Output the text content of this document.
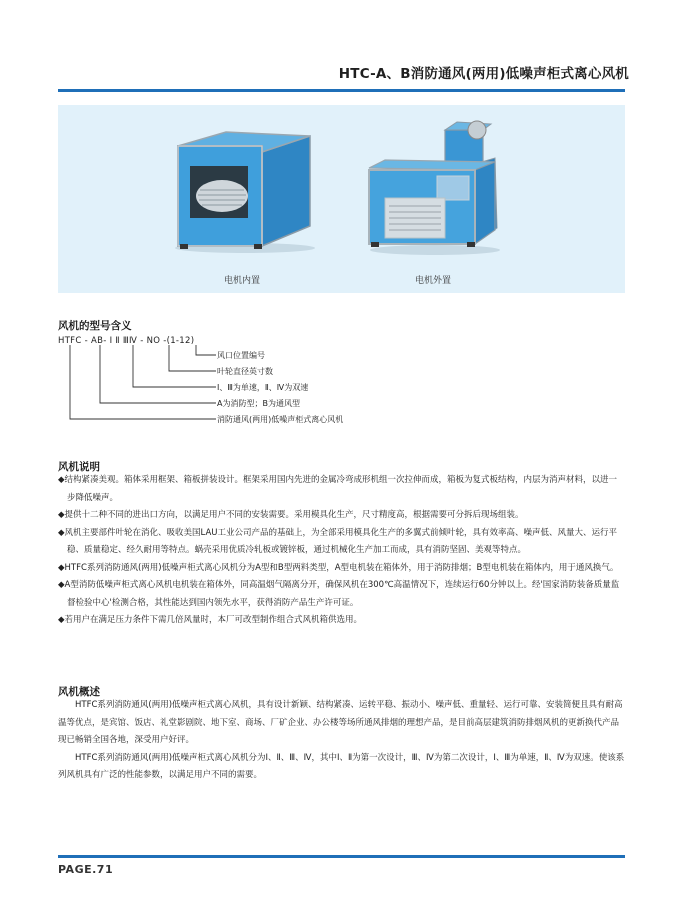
HTC-A、B消防通风(两用)低噪声柜式离心风机
电机内置	电机外置
风机的型号含义
HTFC - AB- Ⅰ Ⅱ ⅢⅣ - NO -(1-12)
风口位置编号
叶轮直径英寸数
Ⅰ、Ⅲ为单速，Ⅱ、Ⅳ为双速
A为消防型；B为通风型
消防通风(两用)低噪声柜式离心风机
风机说明
◆结构紧凑美观。箱体采用框架、箱板拼装设计。框架采用国内先进的金属冷弯成形机组一次拉伸而成，箱板为复式板结构，内层为消声材料，以进一步降低噪声。
◆提供十二种不同的进出口方向，以满足用户不同的安装需要。采用模具化生产，尺寸精度高，根据需要可分拆后现场组装。
◆风机主要部件叶轮在消化、吸收美国LAU工业公司产品的基础上，为全部采用模具化生产的多翼式前倾叶轮，具有效率高、噪声低、风量大、运行平稳、质量稳定、经久耐用等特点。蜗壳采用优质冷轧板或镀锌板，通过机械化生产加工而成，具有消防坚固、美观等特点。
◆HTFC系列消防通风(两用)低噪声柜式离心风机分为A型和B型两料类型，A型电机装在箱体外，用于消防排烟；B型电机装在箱体内，用于通风换气。
◆A型消防低噪声柜式离心风机电机装在箱体外，同高温烟气隔离分开，确保风机在300℃高温情况下，连续运行60分钟以上。经'国家消防装备质量监督检验中心'检测合格，其性能达到国内领先水平，获得消防产品生产许可证。
◆若用户在满足压力条件下需几倍风量时，本厂可改型制作组合式风机箱供选用。
风机概述
HTFC系列消防通风(两用)低噪声柜式离心风机，具有设计新颖、结构紧凑、运转平稳、振动小、噪声低、重量轻、运行可靠、安装简便且具有耐高温等优点，是宾馆、饭店、礼堂影剧院、地下室、商场、厂矿企业、办公楼等场所通风排烟的理想产品，是目前高层建筑消防排烟风机的更新换代产品现已畅销全国各地，深受用户好评。
HTFC系列消防通风(两用)低噪声柜式离心风机分为Ⅰ、Ⅱ、Ⅲ、Ⅳ，其中Ⅰ、Ⅱ为第一次设计，Ⅲ、Ⅳ为第二次设计，Ⅰ、Ⅲ为单速，Ⅱ、Ⅳ为双速。使该系列风机具有广泛的性能参数，以满足用户不同的需要。
PAGE.71
